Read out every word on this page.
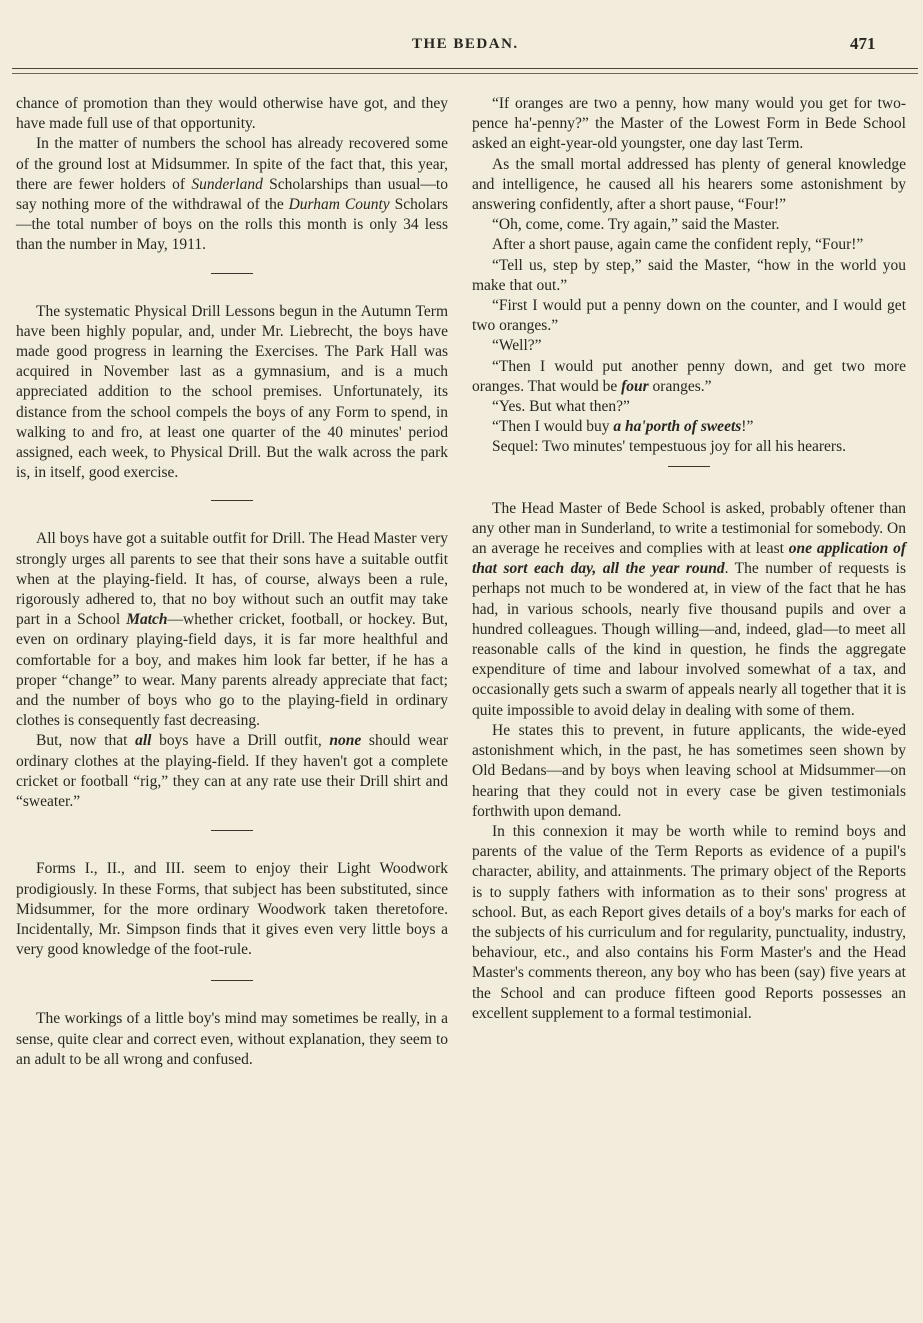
THE BEDAN.	471

chance of promotion than they would otherwise have got, and they have made full use of that opportunity.

In the matter of numbers the school has already recovered some of the ground lost at Midsummer. In spite of the fact that, this year, there are fewer holders of Sunderland Scholarships than usual—to say nothing more of the withdrawal of the Durham County Scholars—the total number of boys on the rolls this month is only 34 less than the number in May, 1911.

The systematic Physical Drill Lessons begun in the Autumn Term have been highly popular, and, under Mr. Liebrecht, the boys have made good progress in learning the Exercises. The Park Hall was acquired in November last as a gymnasium, and is a much appreciated addition to the school premises. Unfortunately, its distance from the school compels the boys of any Form to spend, in walking to and fro, at least one quarter of the 40 minutes' period assigned, each week, to Physical Drill. But the walk across the park is, in itself, good exercise.

All boys have got a suitable outfit for Drill. The Head Master very strongly urges all parents to see that their sons have a suitable outfit when at the playing-field. It has, of course, always been a rule, rigorously adhered to, that no boy without such an outfit may take part in a School Match—whether cricket, football, or hockey. But, even on ordinary playing-field days, it is far more healthful and comfortable for a boy, and makes him look far better, if he has a proper “change” to wear. Many parents already appreciate that fact; and the number of boys who go to the playing-field in ordinary clothes is consequently fast decreasing.

But, now that all boys have a Drill outfit, none should wear ordinary clothes at the playing-field. If they haven't got a complete cricket or football “rig,” they can at any rate use their Drill shirt and “sweater.”

Forms I., II., and III. seem to enjoy their Light Woodwork prodigiously. In these Forms, that subject has been substituted, since Midsummer, for the more ordinary Woodwork taken theretofore. Incidentally, Mr. Simpson finds that it gives even very little boys a very good knowledge of the foot-rule.

The workings of a little boy's mind may sometimes be really, in a sense, quite clear and correct even, without explanation, they seem to an adult to be all wrong and confused.

“If oranges are two a penny, how many would you get for two-pence ha'-penny?” the Master of the Lowest Form in Bede School asked an eight-year-old youngster, one day last Term.

As the small mortal addressed has plenty of general knowledge and intelligence, he caused all his hearers some astonishment by answering confidently, after a short pause, “Four!”

“Oh, come, come. Try again,” said the Master.

After a short pause, again came the confident reply, “Four!”

“Tell us, step by step,” said the Master, “how in the world you make that out.”

“First I would put a penny down on the counter, and I would get two oranges.”

“Well?”

“Then I would put another penny down, and get two more oranges. That would be four oranges.”

“Yes. But what then?”

“Then I would buy a ha'porth of sweets!”

Sequel: Two minutes' tempestuous joy for all his hearers.

The Head Master of Bede School is asked, probably oftener than any other man in Sunderland, to write a testimonial for somebody. On an average he receives and complies with at least one application of that sort each day, all the year round. The number of requests is perhaps not much to be wondered at, in view of the fact that he has had, in various schools, nearly five thousand pupils and over a hundred colleagues. Though willing—and, indeed, glad—to meet all reasonable calls of the kind in question, he finds the aggregate expenditure of time and labour involved somewhat of a tax, and occasionally gets such a swarm of appeals nearly all together that it is quite impossible to avoid delay in dealing with some of them.

He states this to prevent, in future applicants, the wide-eyed astonishment which, in the past, he has sometimes seen shown by Old Bedans—and by boys when leaving school at Midsummer—on hearing that they could not in every case be given testimonials forthwith upon demand.

In this connexion it may be worth while to remind boys and parents of the value of the Term Reports as evidence of a pupil's character, ability, and attainments. The primary object of the Reports is to supply fathers with information as to their sons' progress at school. But, as each Report gives details of a boy's marks for each of the subjects of his curriculum and for regularity, punctuality, industry, behaviour, etc., and also contains his Form Master's and the Head Master's comments thereon, any boy who has been (say) five years at the School and can produce fifteen good Reports possesses an excellent supplement to a formal testimonial.
